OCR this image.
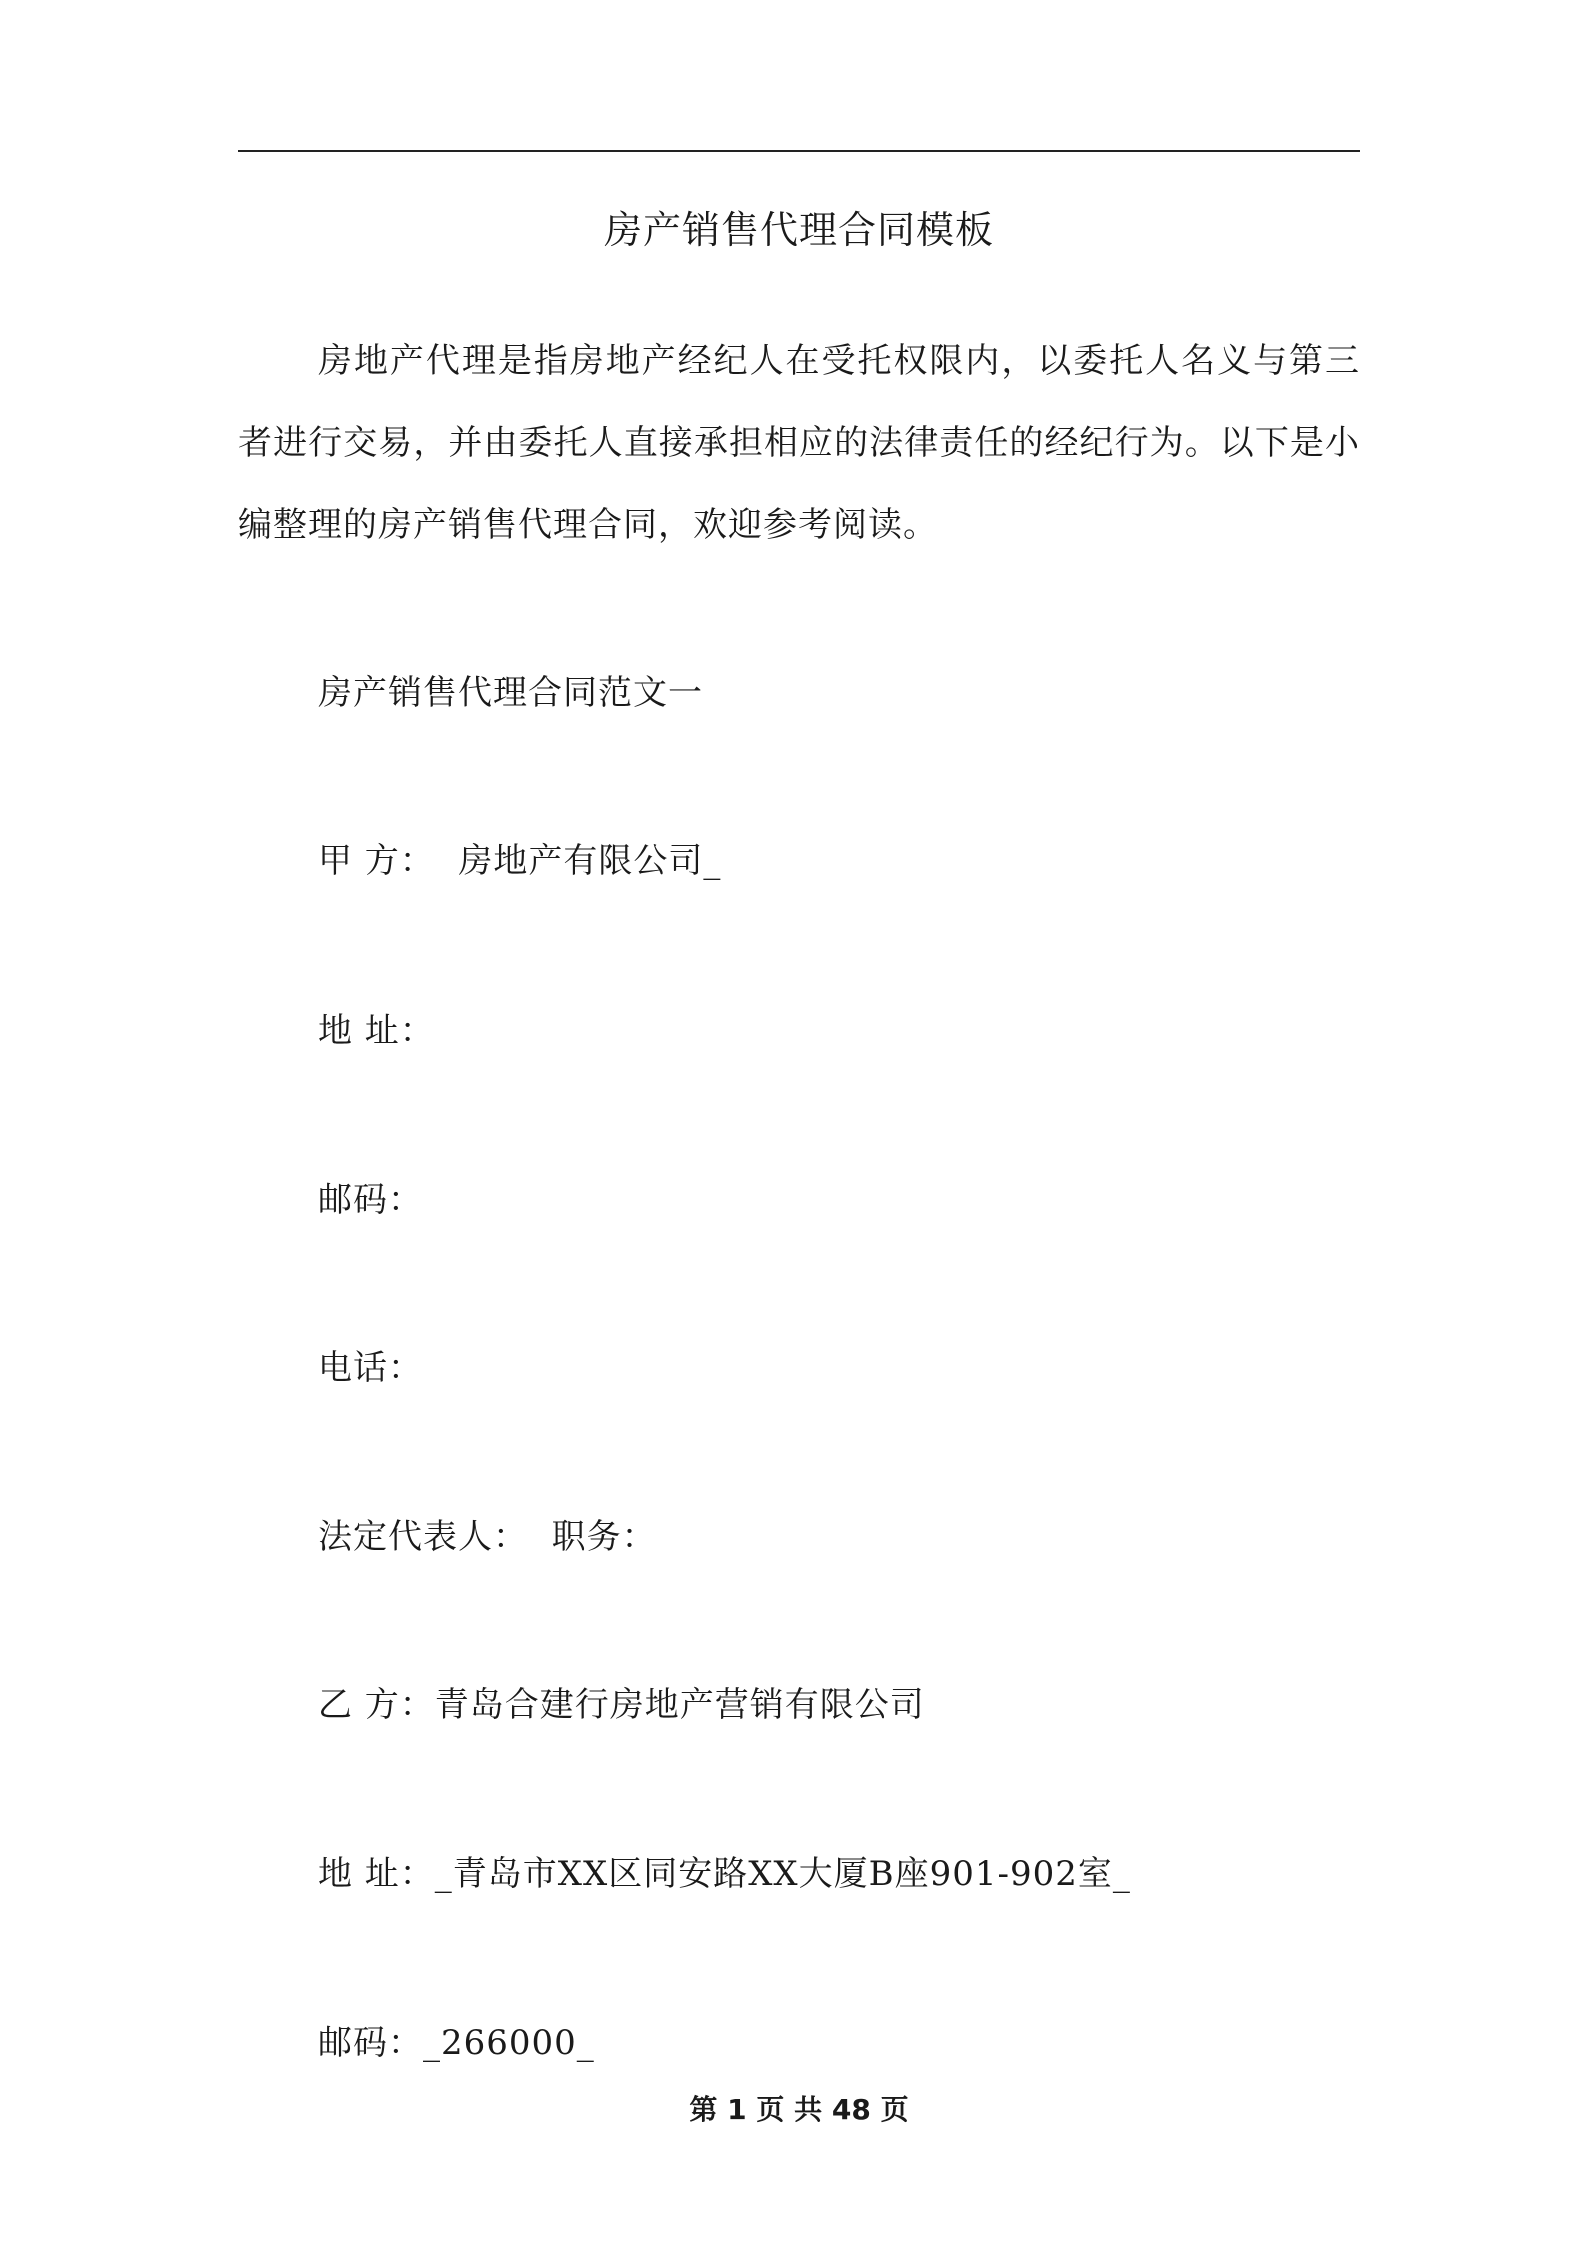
房产销售代理合同模板

房地产代理是指房地产经纪人在受托权限内，以委托人名义与第三者进行交易，并由委托人直接承担相应的法律责任的经纪行为。以下是小编整理的房产销售代理合同，欢迎参考阅读。

房产销售代理合同范文一

甲 方：  房地产有限公司_

地 址：

邮码：

电话：

法定代表人：  职务：

乙 方：青岛合建行房地产营销有限公司

地 址：_青岛市XX区同安路XX大厦B座901-902室_

邮码：_266000_

第 1 页 共 48 页
